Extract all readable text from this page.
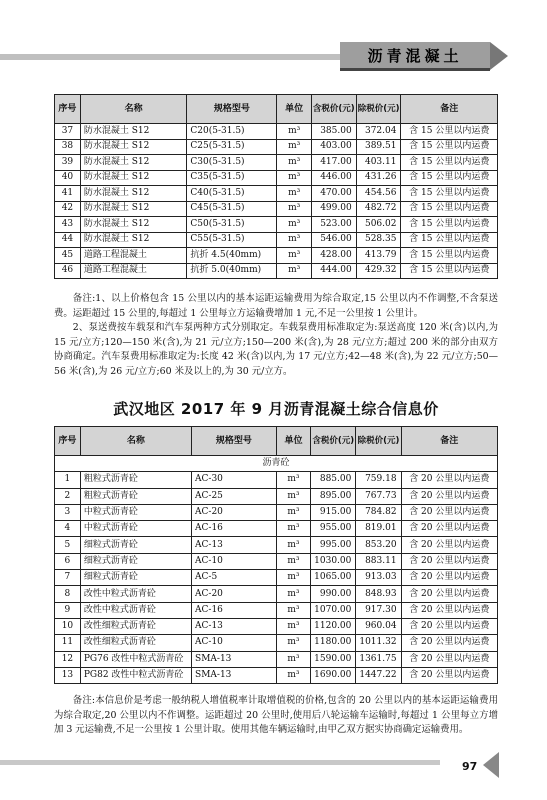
沥青混凝土
序号	名称	规格型号	单位	含税价(元)	除税价(元)	备注
37	防水混凝土 S12	C20(5-31.5)	m³	385.00	372.04	含 15 公里以内运费
38	防水混凝土 S12	C25(5-31.5)	m³	403.00	389.51	含 15 公里以内运费
39	防水混凝土 S12	C30(5-31.5)	m³	417.00	403.11	含 15 公里以内运费
40	防水混凝土 S12	C35(5-31.5)	m³	446.00	431.26	含 15 公里以内运费
41	防水混凝土 S12	C40(5-31.5)	m³	470.00	454.56	含 15 公里以内运费
42	防水混凝土 S12	C45(5-31.5)	m³	499.00	482.72	含 15 公里以内运费
43	防水混凝土 S12	C50(5-31.5)	m³	523.00	506.02	含 15 公里以内运费
44	防水混凝土 S12	C55(5-31.5)	m³	546.00	528.35	含 15 公里以内运费
45	道路工程混凝土	抗折 4.5(40mm)	m³	428.00	413.79	含 15 公里以内运费
46	道路工程混凝土	抗折 5.0(40mm)	m³	444.00	429.32	含 15 公里以内运费

备注:1、以上价格包含 15 公里以内的基本运距运输费用为综合取定,15 公里以内不作调整,不含泵送费。运距超过 15 公里的,每超过 1 公里每立方运输费增加 1 元,不足一公里按 1 公里计。

2、泵送费按车载泵和汽车泵两种方式分别取定。车载泵费用标准取定为:泵送高度 120 米(含)以内,为 15 元/立方;120—150 米(含),为 21 元/立方;150—200 米(含),为 28 元/立方;超过 200 米的部分由双方协商确定。汽车泵费用标准取定为:长度 42 米(含)以内,为 17 元/立方;42—48 米(含),为 22 元/立方;50—56 米(含),为 26 元/立方;60 米及以上的,为 30 元/立方。

武汉地区 2017 年 9 月沥青混凝土综合信息价
序号	名称	规格型号	单位	含税价(元)	除税价(元)	备注
沥青砼						
1	粗粒式沥青砼	AC-30	m³	885.00	759.18	含 20 公里以内运费
2	粗粒式沥青砼	AC-25	m³	895.00	767.73	含 20 公里以内运费
3	中粒式沥青砼	AC-20	m³	915.00	784.82	含 20 公里以内运费
4	中粒式沥青砼	AC-16	m³	955.00	819.01	含 20 公里以内运费
5	细粒式沥青砼	AC-13	m³	995.00	853.20	含 20 公里以内运费
6	细粒式沥青砼	AC-10	m³	1030.00	883.11	含 20 公里以内运费
7	细粒式沥青砼	AC-5	m³	1065.00	913.03	含 20 公里以内运费
8	改性中粒式沥青砼	AC-20	m³	990.00	848.93	含 20 公里以内运费
9	改性中粒式沥青砼	AC-16	m³	1070.00	917.30	含 20 公里以内运费
10	改性细粒式沥青砼	AC-13	m³	1120.00	960.04	含 20 公里以内运费
11	改性细粒式沥青砼	AC-10	m³	1180.00	1011.32	含 20 公里以内运费
12	PG76 改性中粒式沥青砼	SMA-13	m³	1590.00	1361.75	含 20 公里以内运费
13	PG82 改性中粒式沥青砼	SMA-13	m³	1690.00	1447.22	含 20 公里以内运费

备注:本信息价是考虑一般纳税人增值税率计取增值税的价格,包含的 20 公里以内的基本运距运输费用为综合取定,20 公里以内不作调整。运距超过 20 公里时,使用后八轮运输车运输时,每超过 1 公里每立方增加 3 元运输费,不足一公里按 1 公里计取。使用其他车辆运输时,由甲乙双方据实协商确定运输费用。

97
